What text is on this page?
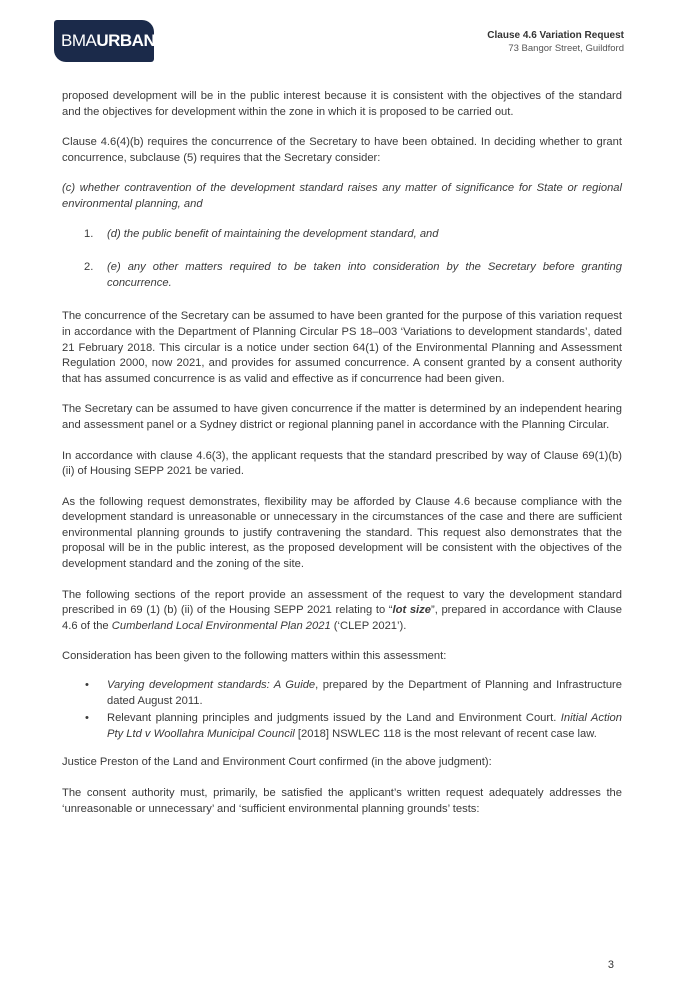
BMA URBAN	Clause 4.6 Variation Request
73 Bangor Street, Guildford

proposed development will be in the public interest because it is consistent with the objectives of the standard and the objectives for development within the zone in which it is proposed to be carried out.

Clause 4.6(4)(b) requires the concurrence of the Secretary to have been obtained. In deciding whether to grant concurrence, subclause (5) requires that the Secretary consider:

(c) whether contravention of the development standard raises any matter of significance for State or regional environmental planning, and

1. (d) the public benefit of maintaining the development standard, and
2. (e) any other matters required to be taken into consideration by the Secretary before granting concurrence.

The concurrence of the Secretary can be assumed to have been granted for the purpose of this variation request in accordance with the Department of Planning Circular PS 18–003 ‘Variations to development standards’, dated 21 February 2018. This circular is a notice under section 64(1) of the Environmental Planning and Assessment Regulation 2000, now 2021, and provides for assumed concurrence. A consent granted by a consent authority that has assumed concurrence is as valid and effective as if concurrence had been given.

The Secretary can be assumed to have given concurrence if the matter is determined by an independent hearing and assessment panel or a Sydney district or regional planning panel in accordance with the Planning Circular.

In accordance with clause 4.6(3), the applicant requests that the standard prescribed by way of Clause 69(1)(b)(ii) of Housing SEPP 2021 be varied.

As the following request demonstrates, flexibility may be afforded by Clause 4.6 because compliance with the development standard is unreasonable or unnecessary in the circumstances of the case and there are sufficient environmental planning grounds to justify contravening the standard. This request also demonstrates that the proposal will be in the public interest, as the proposed development will be consistent with the objectives of the development standard and the zoning of the site.

The following sections of the report provide an assessment of the request to vary the development standard prescribed in 69 (1) (b) (ii) of the Housing SEPP 2021 relating to “lot size”, prepared in accordance with Clause 4.6 of the Cumberland Local Environmental Plan 2021 (‘CLEP 2021’).

Consideration has been given to the following matters within this assessment:

• Varying development standards: A Guide, prepared by the Department of Planning and Infrastructure dated August 2011.
• Relevant planning principles and judgments issued by the Land and Environment Court. Initial Action Pty Ltd v Woollahra Municipal Council [2018] NSWLEC 118 is the most relevant of recent case law.

Justice Preston of the Land and Environment Court confirmed (in the above judgment):

The consent authority must, primarily, be satisfied the applicant’s written request adequately addresses the ‘unreasonable or unnecessary’ and ‘sufficient environmental planning grounds’ tests:

3
